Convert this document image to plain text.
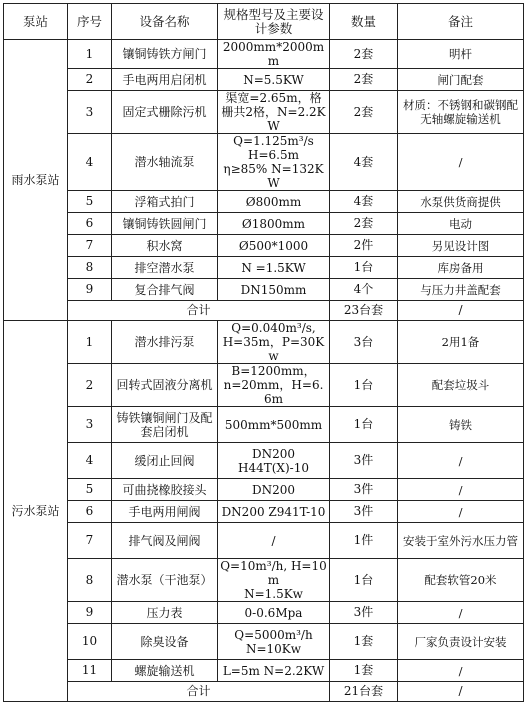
泵站	序号	设备名称	规格型号及主要设计参数	数量	备注
雨水泵站	1	镶铜铸铁方闸门	2000mm*2000mm	2套	明杆
	2	手电两用启闭机	N=5.5KW	2套	闸门配套
	3	固定式栅除污机	渠宽=2.65m，格栅共2格，N=2.2KW	2套	材质：不锈钢和碳钢配无轴螺旋输送机
	4	潜水轴流泵	Q=1.125m³/s
H=6.5m
η≥85% N=132KW	4套	/
	5	浮箱式拍门	Ø800mm	4套	水泵供货商提供
	6	镶铜铸铁圆闸门	Ø1800mm	2套	电动
	7	积水窝	Ø500*1000	2件	另见设计图
	8	排空潜水泵	N =1.5KW	1台	库房备用
	9	复合排气阀	DN150mm	4个	与压力井盖配套
	合计			23台套	/
污水泵站	1	潜水排污泵	Q=0.040m³/s,
H=35m，P=30Kw	3台	2用1备
	2	回转式固液分离机	B=1200mm，
n=20mm，H=6.6m	1台	配套垃圾斗
	3	铸铁镶铜闸门及配套启闭机	500mm*500mm	1台	铸铁
	4	缓闭止回阀	DN200
H44T(X)-10	3件	/
	5	可曲挠橡胶接头	DN200	3件	/
	6	手电两用闸阀	DN200 Z941T-10	3件	/
	7	排气阀及闸阀	/	1件	安装于室外污水压力管
	8	潜水泵（干池泵）	Q=10m³/h, H=10m
N=1.5Kw	1台	配套软管20米
	9	压力表	0-0.6Mpa	3件	/
	10	除臭设备	Q=5000m³/h
N=10Kw	1套	厂家负责设计安装
	11	螺旋输送机	L=5m N=2.2KW	1套	/
	合计			21台套	/
